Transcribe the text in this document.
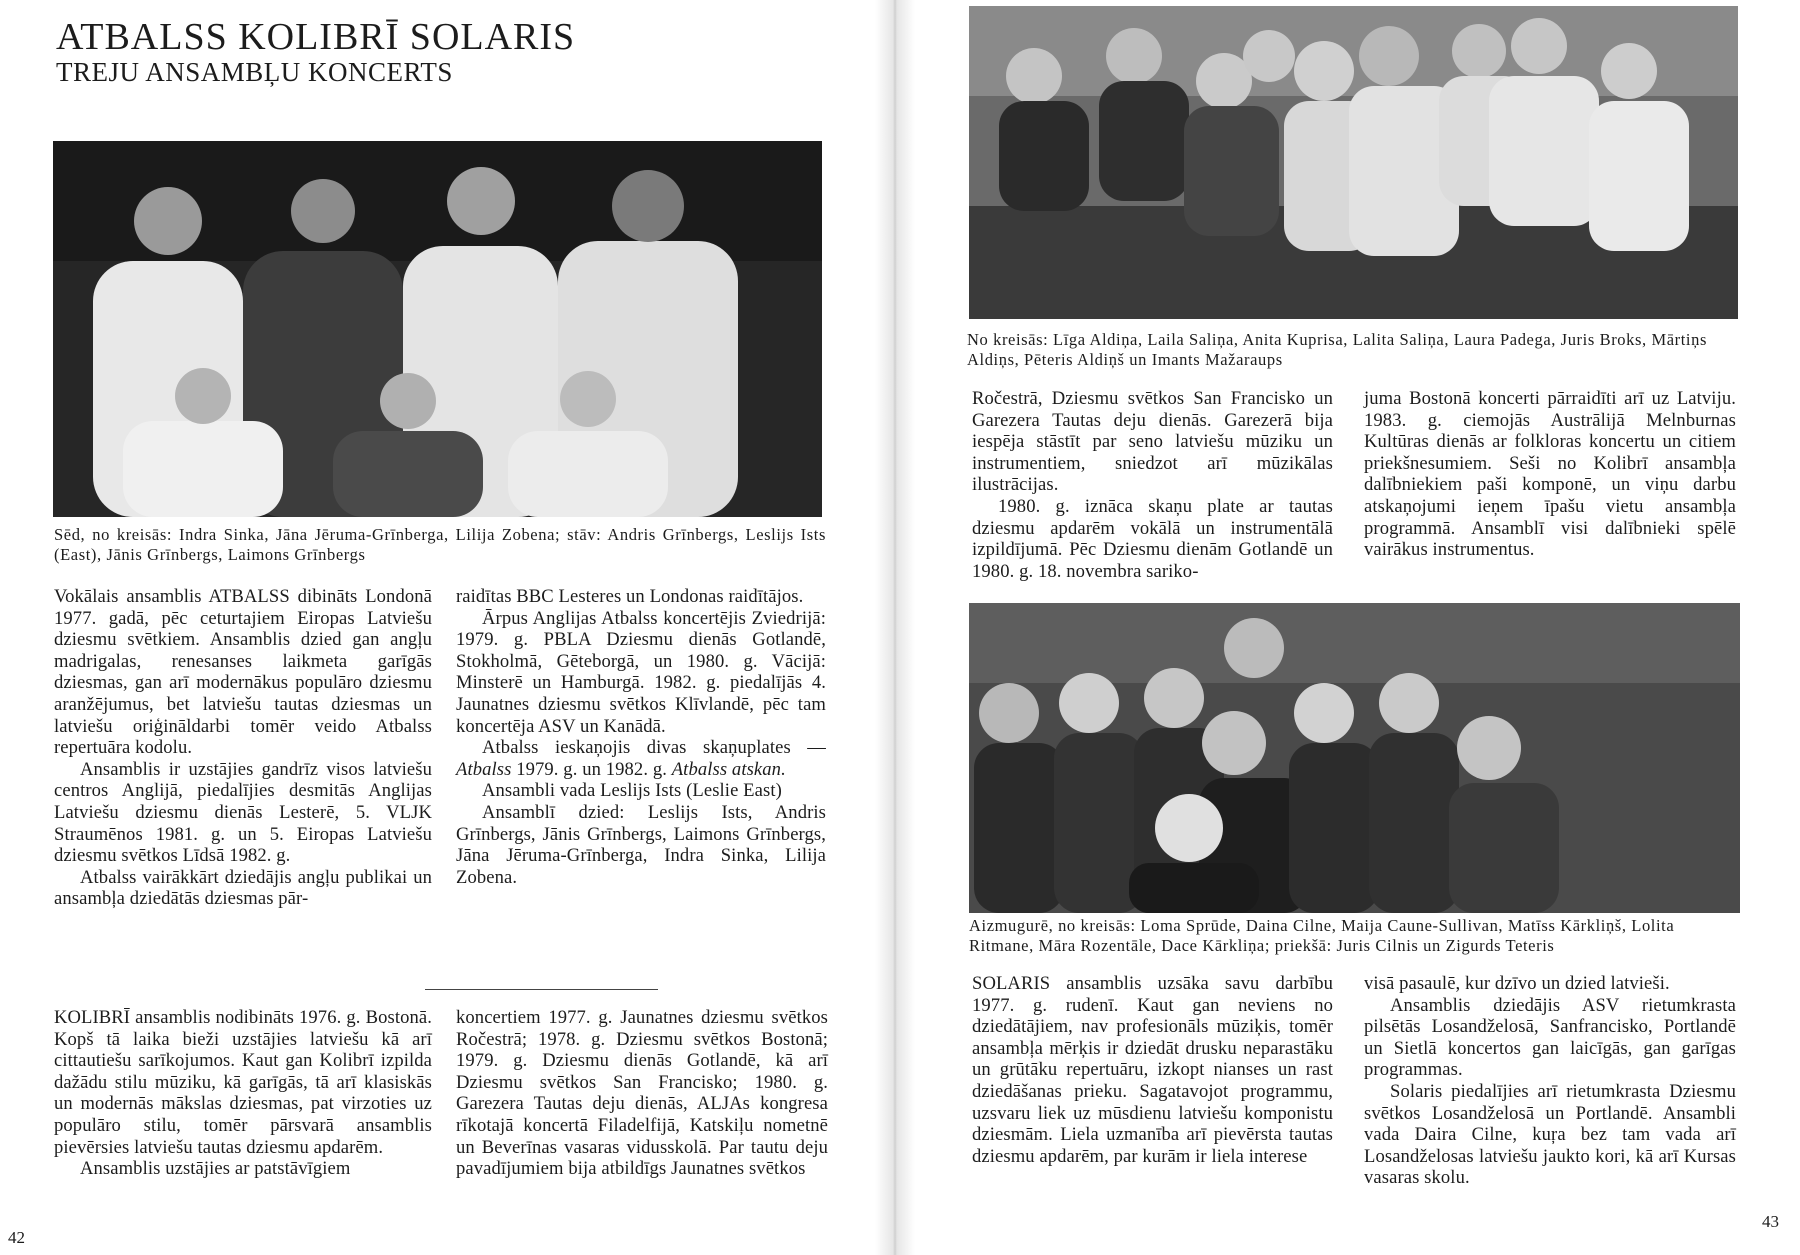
ATBALSS KOLIBRĪ SOLARIS
TREJU ANSAMBĻU KONCERTS
Sēd, no kreisās: Indra Sinka, Jāna Jēruma-Grīnberga, Lilija Zobena; stāv: Andris Grīnbergs, Leslijs Ists (East), Jānis Grīnbergs, Laimons Grīnbergs

Vokālais ansamblis ATBALSS dibināts Londonā 1977. gadā, pēc ceturtajiem Eiropas Latviešu dziesmu svētkiem. Ansamblis dzied gan angļu madrigalas, renesanses laikmeta garīgās dziesmas, gan arī modernākus populāro dziesmu aranžējumus, bet latviešu tautas dziesmas un latviešu oriģināldarbi tomēr veido Atbalss repertuāra kodolu.

Ansamblis ir uzstājies gandrīz visos latviešu centros Anglijā, piedalījies desmitās Anglijas Latviešu dziesmu dienās Lesterē, 5. VLJK Straumēnos 1981. g. un 5. Eiropas Latviešu dziesmu svētkos Līdsā 1982. g.

Atbalss vairākkārt dziedājis angļu publikai un ansambļa dziedātās dziesmas pār-

raidītas BBC Lesteres un Londonas raidītājos.

Ārpus Anglijas Atbalss koncertējis Zviedrijā: 1979. g. PBLA Dziesmu dienās Gotlandē, Stokholmā, Gēteborgā, un 1980. g. Vācijā: Minsterē un Hamburgā. 1982. g. piedalījās 4. Jaunatnes dziesmu svētkos Klīvlandē, pēc tam koncertēja ASV un Kanādā.

Atbalss ieskaņojis divas skaņuplates — Atbalss 1979. g. un 1982. g. Atbalss atskan.

Ansambli vada Leslijs Ists (Leslie East)

Ansamblī dzied: Leslijs Ists, Andris Grīnbergs, Jānis Grīnbergs, Laimons Grīnbergs, Jāna Jēruma-Grīnberga, Indra Sinka, Lilija Zobena.

KOLIBRĪ ansamblis nodibināts 1976. g. Bostonā. Kopš tā laika bieži uzstājies latviešu kā arī cittautiešu sarīkojumos. Kaut gan Kolibrī izpilda dažādu stilu mūziku, kā garīgās, tā arī klasiskās un modernās mākslas dziesmas, pat virzoties uz populāro stilu, tomēr pārsvarā ansamblis pievērsies latviešu tautas dziesmu apdarēm.

Ansamblis uzstājies ar patstāvīgiem

koncertiem 1977. g. Jaunatnes dziesmu svētkos Ročestrā; 1978. g. Dziesmu svētkos Bostonā; 1979. g. Dziesmu dienās Gotlandē, kā arī Dziesmu svētkos San Francisko; 1980. g. Garezera Tautas deju dienās, ALJAs kongresa rīkotajā koncertā Filadelfijā, Katskiļu nometnē un Beverīnas vasaras vidusskolā. Par tautu deju pavadījumiem bija atbildīgs Jaunatnes svētkos

42
No kreisās: Līga Aldiņa, Laila Saliņa, Anita Kuprisa, Lalita Saliņa, Laura Padega, Juris Broks, Mārtiņs Aldiņs, Pēteris Aldiņš un Imants Mažaraups

Ročestrā, Dziesmu svētkos San Francisko un Garezera Tautas deju dienās. Garezerā bija iespēja stāstīt par seno latviešu mūziku un instrumentiem, sniedzot arī mūzikālas ilustrācijas.

1980. g. iznāca skaņu plate ar tautas dziesmu apdarēm vokālā un instrumentālā izpildījumā. Pēc Dziesmu dienām Gotlandē un 1980. g. 18. novembra sariko-

juma Bostonā koncerti pārraidīti arī uz Latviju. 1983. g. ciemojās Austrālijā Melnburnas Kultūras dienās ar folkloras koncertu un citiem priekšnesumiem. Seši no Kolibrī ansambļa dalībniekiem paši komponē, un viņu darbu atskaņojumi ieņem īpašu vietu ansambļa programmā. Ansamblī visi dalībnieki spēlē vairākus instrumentus.

Aizmugurē, no kreisās: Loma Sprūde, Daina Cilne, Maija Caune-Sullivan, Matīss Kārkliņš, Lolita Ritmane, Māra Rozentāle, Dace Kārkliņa; priekšā: Juris Cilnis un Zigurds Teteris

SOLARIS ansamblis uzsāka savu darbību 1977. g. rudenī. Kaut gan neviens no dziedātājiem, nav profesionāls mūziķis, tomēr ansambļa mērķis ir dziedāt drusku neparastāku un grūtāku repertuāru, izkopt nianses un rast dziedāšanas prieku. Sagatavojot programmu, uzsvaru liek uz mūsdienu latviešu komponistu dziesmām. Liela uzmanība arī pievērsta tautas dziesmu apdarēm, par kurām ir liela interese

visā pasaulē, kur dzīvo un dzied latvieši.

Ansamblis dziedājis ASV rietumkrasta pilsētās Losandželosā, Sanfrancisko, Portlandē un Sietlā koncertos gan laicīgās, gan garīgas programmas.

Solaris piedalījies arī rietumkrasta Dziesmu svētkos Losandželosā un Portlandē. Ansambli vada Daira Cilne, kuŗa bez tam vada arī Losandželosas latviešu jaukto kori, kā arī Kursas vasaras skolu.

43
